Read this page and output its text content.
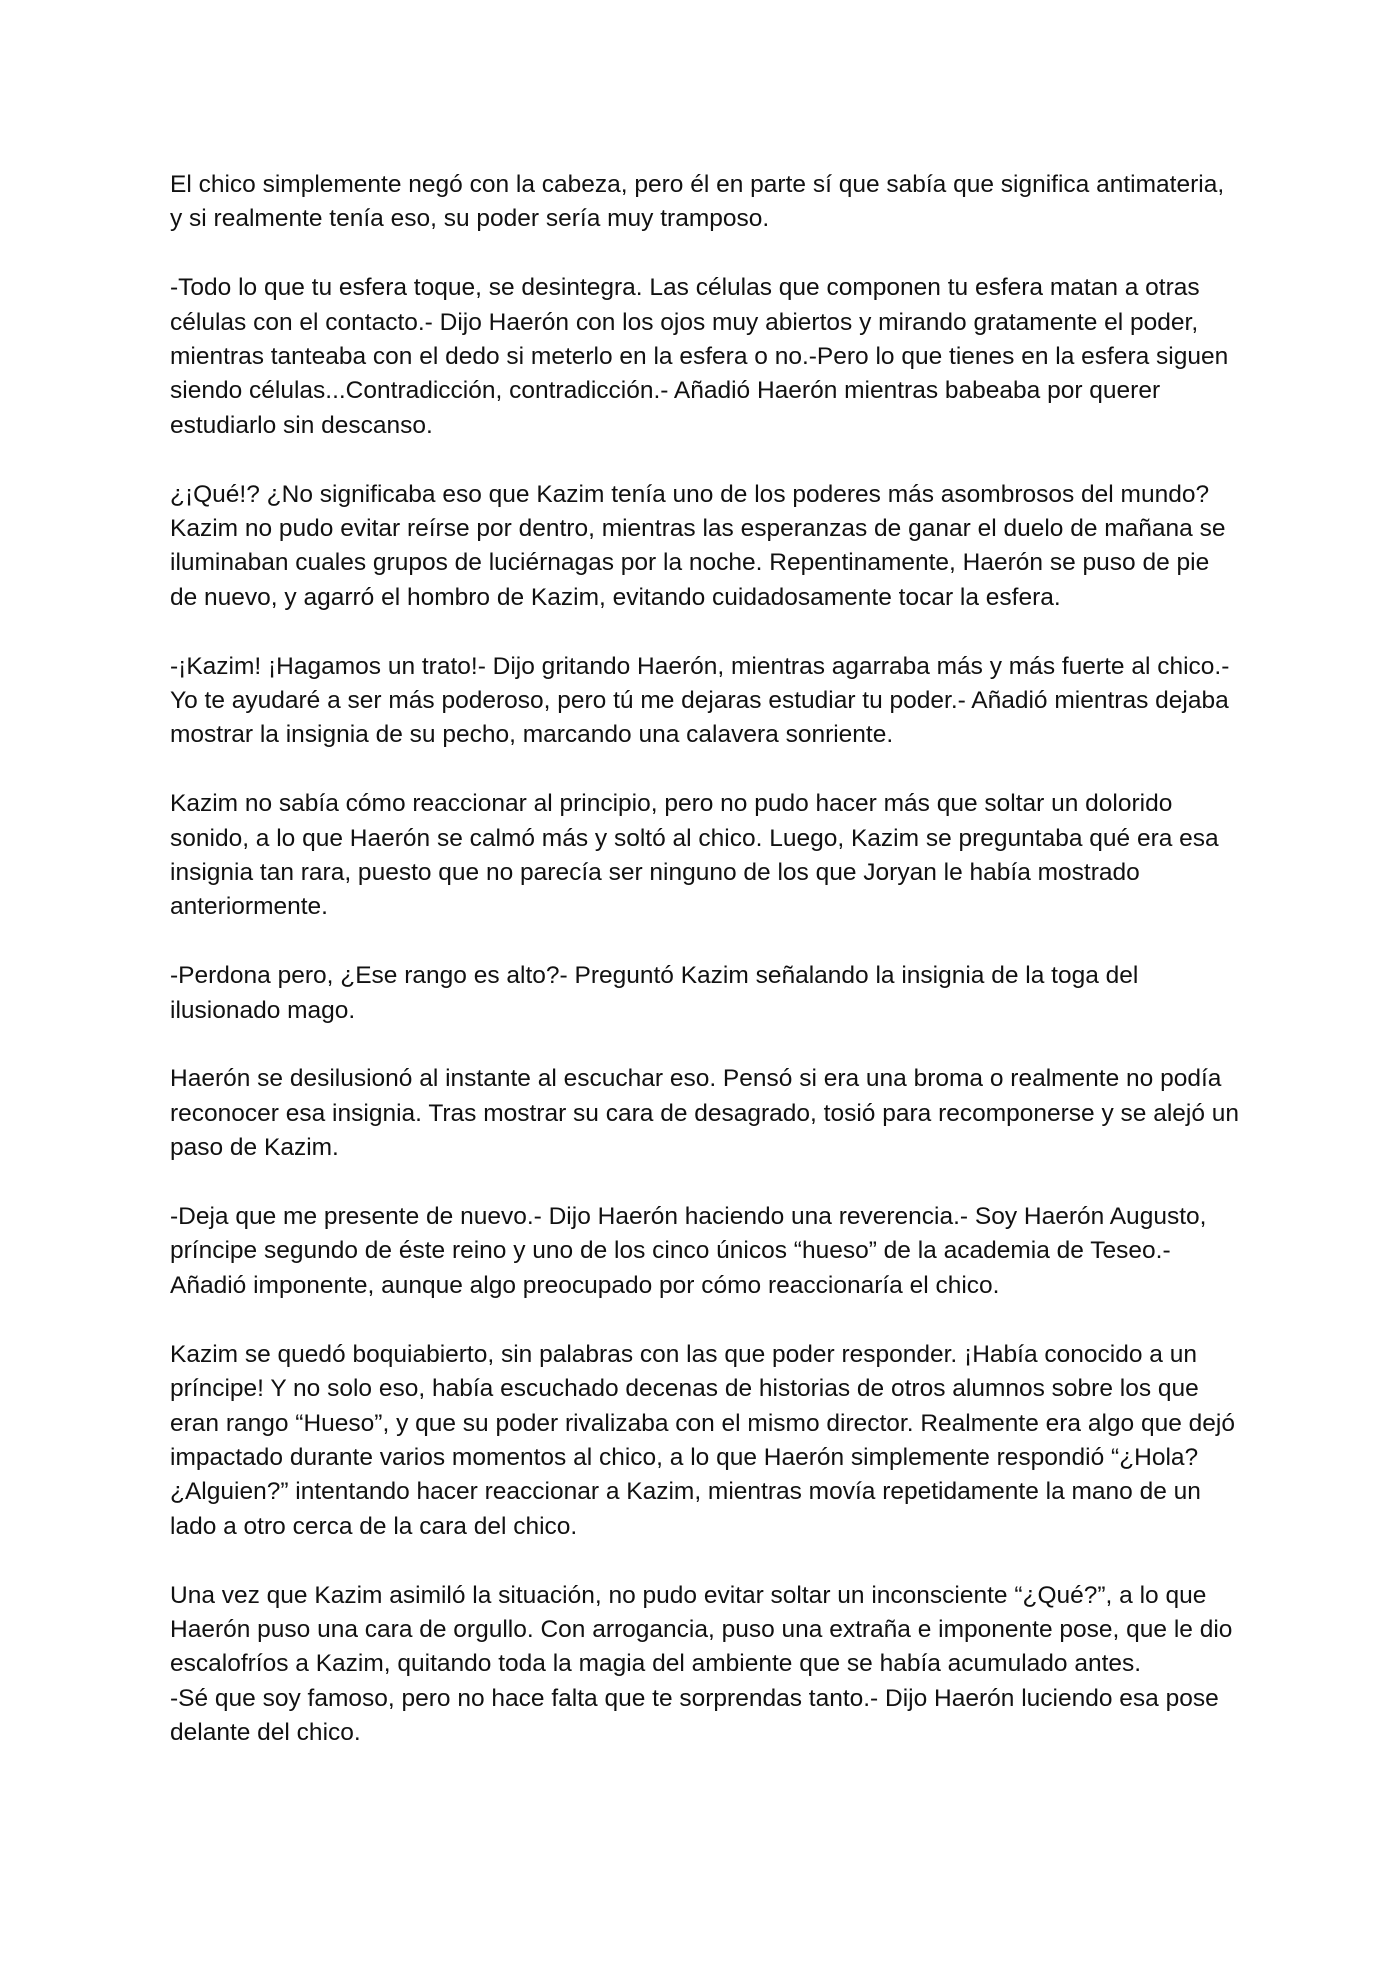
El chico simplemente negó con la cabeza, pero él en parte sí que sabía que significa antimateria, y si realmente tenía eso, su poder sería muy tramposo.

-Todo lo que tu esfera toque, se desintegra. Las células que componen tu esfera matan a otras células con el contacto.- Dijo Haerón con los ojos muy abiertos y mirando gratamente el poder, mientras tanteaba con el dedo si meterlo en la esfera o no.-Pero lo que tienes en la esfera siguen siendo células...Contradicción, contradicción.- Añadió Haerón mientras babeaba por querer estudiarlo sin descanso.

¿¡Qué!? ¿No significaba eso que Kazim tenía uno de los poderes más asombrosos del mundo? Kazim no pudo evitar reírse por dentro, mientras las esperanzas de ganar el duelo de mañana se iluminaban cuales grupos de luciérnagas por la noche. Repentinamente, Haerón se puso de pie de nuevo, y agarró el hombro de Kazim, evitando cuidadosamente tocar la esfera.

-¡Kazim! ¡Hagamos un trato!- Dijo gritando Haerón, mientras agarraba más y más fuerte al chico.- Yo te ayudaré a ser más poderoso, pero tú me dejaras estudiar tu poder.- Añadió mientras dejaba mostrar la insignia de su pecho, marcando una calavera sonriente.

Kazim no sabía cómo reaccionar al principio, pero no pudo hacer más que soltar un dolorido sonido, a lo que Haerón se calmó más y soltó al chico. Luego, Kazim se preguntaba qué era esa insignia tan rara, puesto que no parecía ser ninguno de los que Joryan le había mostrado anteriormente.

-Perdona pero, ¿Ese rango es alto?- Preguntó Kazim señalando la insignia de la toga del ilusionado mago.

Haerón se desilusionó al instante al escuchar eso. Pensó si era una broma o realmente no podía reconocer esa insignia. Tras mostrar su cara de desagrado, tosió para recomponerse y se alejó un paso de Kazim.

-Deja que me presente de nuevo.- Dijo Haerón haciendo una reverencia.- Soy Haerón Augusto, príncipe segundo de éste reino y uno de los cinco únicos “hueso” de la academia de Teseo.- Añadió imponente, aunque algo preocupado por cómo reaccionaría el chico.

Kazim se quedó boquiabierto, sin palabras con las que poder responder. ¡Había conocido a un príncipe! Y no solo eso, había escuchado decenas de historias de otros alumnos sobre los que eran rango “Hueso”, y que su poder rivalizaba con el mismo director. Realmente era algo que dejó impactado durante varios momentos al chico, a lo que Haerón simplemente respondió “¿Hola? ¿Alguien?” intentando hacer reaccionar a Kazim, mientras movía repetidamente la mano de un lado a otro cerca de la cara del chico.

Una vez que Kazim asimiló la situación, no pudo evitar soltar un inconsciente “¿Qué?”, a lo que Haerón puso una cara de orgullo. Con arrogancia, puso una extraña e imponente pose, que le dio escalofríos a Kazim, quitando toda la magia del ambiente que se había acumulado antes.

-Sé que soy famoso, pero no hace falta que te sorprendas tanto.- Dijo Haerón luciendo esa pose delante del chico.
